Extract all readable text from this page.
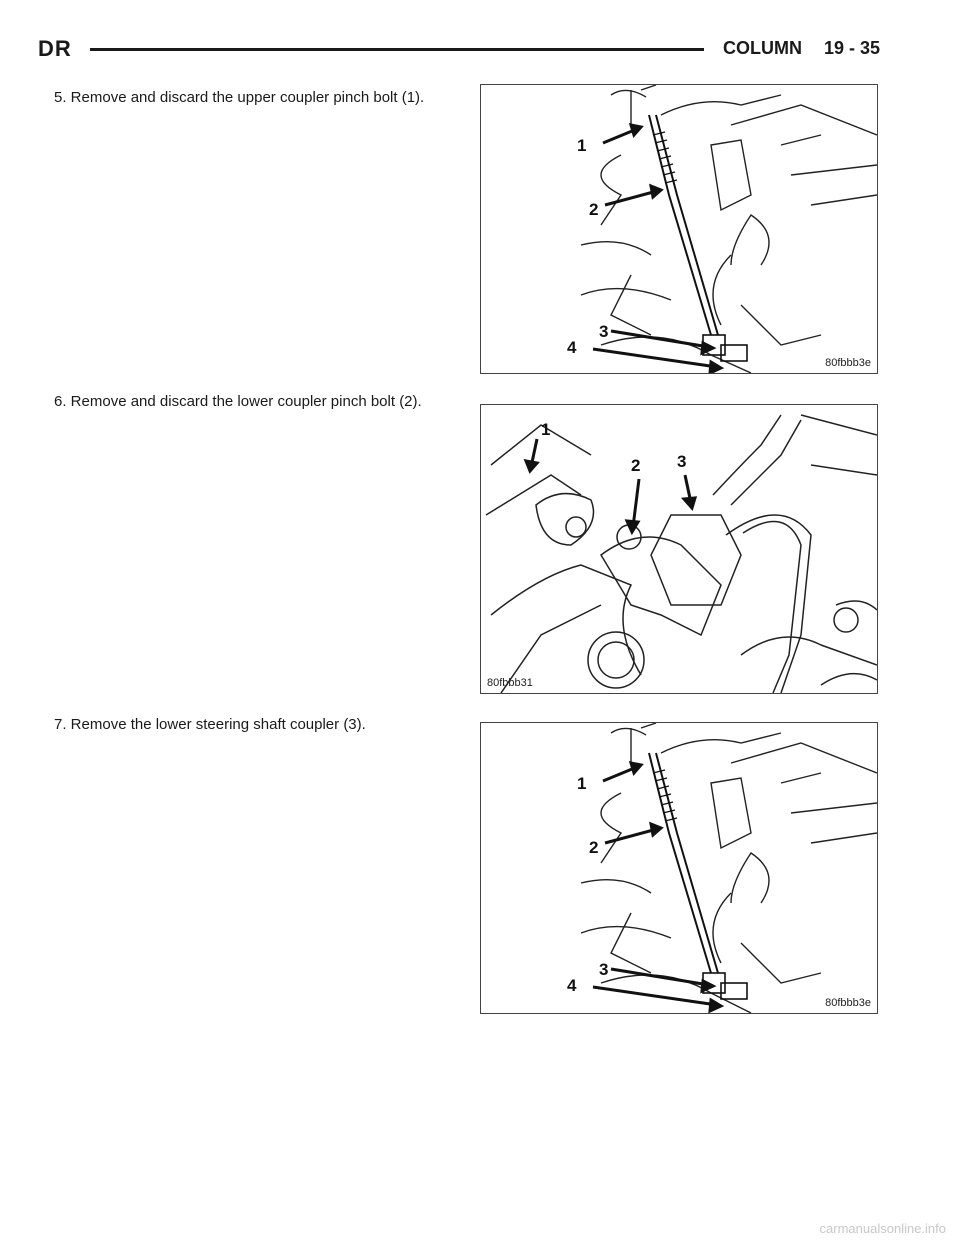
DR	COLUMN 19 - 35
5. Remove and discard the upper coupler pinch bolt (1).
6. Remove and discard the lower coupler pinch bolt (2).
7. Remove the lower steering shaft coupler (3).
1
2
3
4
80fbbb3e
1
2 3
80fbbb31
1
2
3
4
80fbbb3e
carmanualsonline.info
